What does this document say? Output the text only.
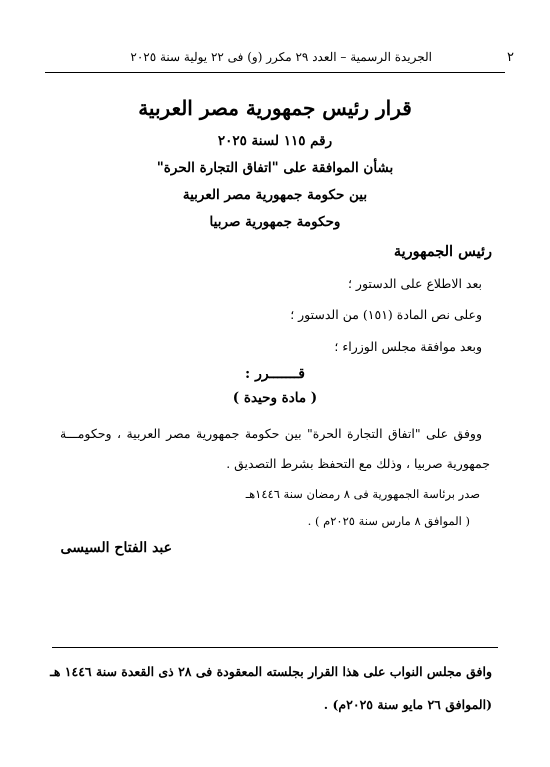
٢
الجريدة الرسمية – العدد ٢٩ مكرر (و) فى ٢٢ يولية سنة ٢٠٢٥
قرار رئيس جمهورية مصر العربية
رقم ١١٥ لسنة ٢٠٢٥
بشأن الموافقة على "اتفاق التجارة الحرة"
بين حكومة جمهورية مصر العربية
وحكومة جمهورية صربيا
رئيس الجمهورية
بعد الاطلاع على الدستور ؛
وعلى نص المادة (١٥١) من الدستور ؛
وبعد موافقة مجلس الوزراء ؛
قـــــــرر :
( مادة وحيدة )
ووفق على "اتفاق التجارة الحرة" بين حكومة جمهورية مصر العربية ، وحكومـــة
جمهورية صربيا ، وذلك مع التحفظ بشرط التصديق .
صدر برئاسة الجمهورية فى ٨ رمضان سنة ١٤٤٦هـ
( الموافق ٨ مارس سنة ٢٠٢٥م ) .
عبد الفتاح السيسى
وافق مجلس النواب على هذا القرار بجلسته المعقودة فى ٢٨ ذى القعدة سنة ١٤٤٦ هـ
(الموافق ٢٦ مايو سنة ٢٠٢٥م) .
